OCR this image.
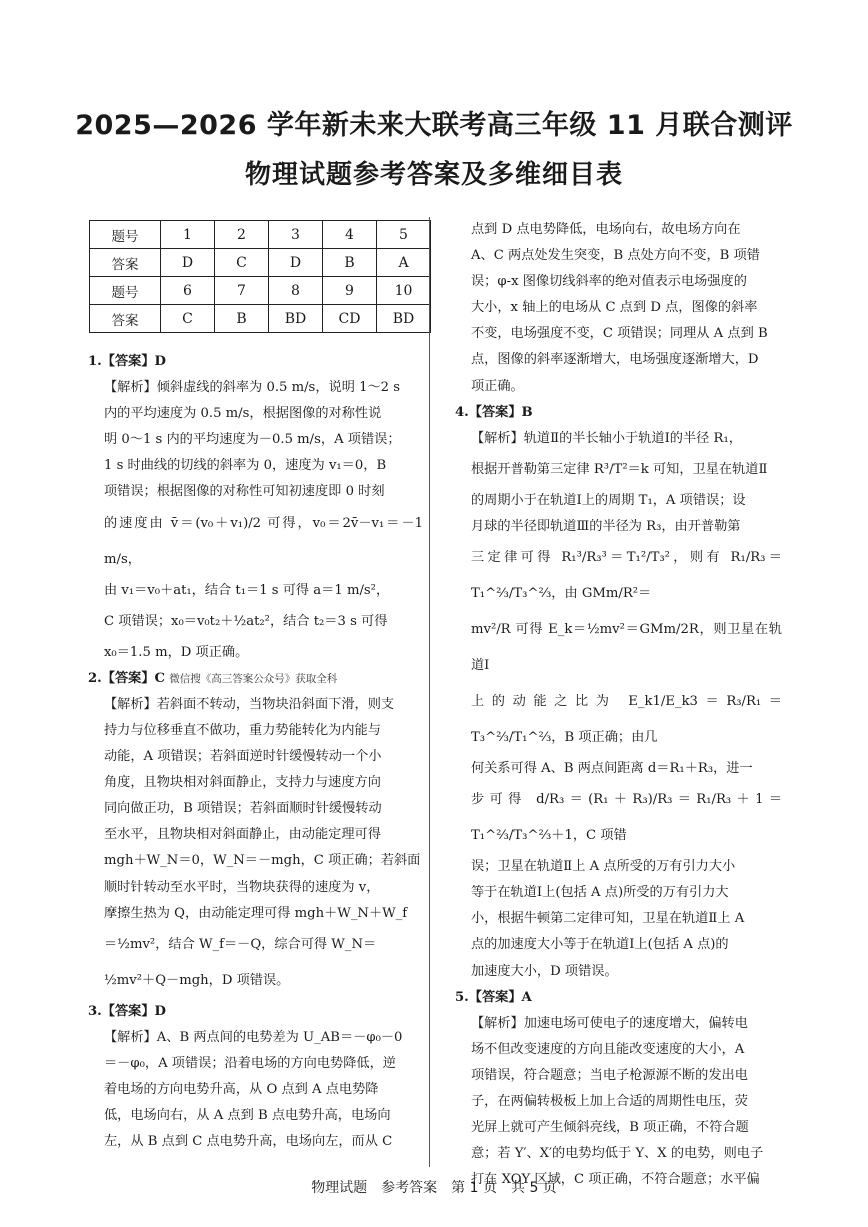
2025—2026 学年新未来大联考高三年级 11 月联合测评
物理试题参考答案及多维细目表
题号	1	2	3	4	5
答案	D	C	D	B	A
题号	6	7	8	9	10
答案	C	B	BD	CD	BD

1.【答案】D

【解析】倾斜虚线的斜率为 0.5 m/s，说明 1～2 s

内的平均速度为 0.5 m/s，根据图像的对称性说

明 0～1 s 内的平均速度为－0.5 m/s，A 项错误；

1 s 时曲线的切线的斜率为 0，速度为 v₁＝0，B

项错误；根据图像的对称性可知初速度即 0 时刻

的速度由 v̄＝(v₀＋v₁)/2 可得，v₀＝2v̄－v₁＝－1 m/s，

由 v₁＝v₀＋at₁，结合 t₁＝1 s 可得 a＝1 m/s²，

C 项错误；x₀＝v₀t₂＋½at₂²，结合 t₂＝3 s 可得

x₀＝1.5 m，D 项正确。

2.【答案】C 微信搜《高三答案公众号》获取全科

【解析】若斜面不转动，当物块沿斜面下滑，则支

持力与位移垂直不做功，重力势能转化为内能与

动能，A 项错误；若斜面逆时针缓慢转动一个小

角度，且物块相对斜面静止，支持力与速度方向

同向做正功，B 项错误；若斜面顺时针缓慢转动

至水平，且物块相对斜面静止，由动能定理可得

mgh＋W_N＝0，W_N＝－mgh，C 项正确；若斜面

顺时针转动至水平时，当物块获得的速度为 v，

摩擦生热为 Q，由动能定理可得 mgh＋W_N＋W_f

＝½mv²，结合 W_f＝－Q，综合可得 W_N＝

½mv²＋Q－mgh，D 项错误。

3.【答案】D

【解析】A、B 两点间的电势差为 U_AB＝－φ₀－0

＝－φ₀，A 项错误；沿着电场的方向电势降低，逆

着电场的方向电势升高，从 O 点到 A 点电势降

低，电场向右，从 A 点到 B 点电势升高，电场向

左，从 B 点到 C 点电势升高，电场向左，而从 C

点到 D 点电势降低，电场向右，故电场方向在

A、C 两点处发生突变，B 点处方向不变，B 项错

误；φ-x 图像切线斜率的绝对值表示电场强度的

大小，x 轴上的电场从 C 点到 D 点，图像的斜率

不变，电场强度不变，C 项错误；同理从 A 点到 B

点，图像的斜率逐渐增大，电场强度逐渐增大，D

项正确。

4.【答案】B

【解析】轨道Ⅱ的半长轴小于轨道Ⅰ的半径 R₁，

根据开普勒第三定律 R³/T²＝k 可知，卫星在轨道Ⅱ

的周期小于在轨道Ⅰ上的周期 T₁，A 项错误；设

月球的半径即轨道Ⅲ的半径为 R₃，由开普勒第

三定律可得 R₁³/R₃³＝T₁²/T₃²，则有 R₁/R₃＝T₁^⅔/T₃^⅔，由 GMm/R²＝

mv²/R 可得 E_k＝½mv²＝GMm/2R，则卫星在轨道Ⅰ

上的动能之比为 E_k1/E_k3＝R₃/R₁＝T₃^⅔/T₁^⅔，B 项正确；由几

何关系可得 A、B 两点间距离 d＝R₁＋R₃，进一

步可得 d/R₃＝(R₁＋R₃)/R₃＝R₁/R₃＋1＝T₁^⅔/T₃^⅔＋1，C 项错

误；卫星在轨道Ⅱ上 A 点所受的万有引力大小

等于在轨道Ⅰ上(包括 A 点)所受的万有引力大

小，根据牛顿第二定律可知，卫星在轨道Ⅱ上 A

点的加速度大小等于在轨道Ⅰ上(包括 A 点)的

加速度大小，D 项错误。

5.【答案】A

【解析】加速电场可使电子的速度增大，偏转电

场不但改变速度的方向且能改变速度的大小，A

项错误，符合题意；当电子枪源源不断的发出电

子，在两偏转极板上加上合适的周期性电压，荧

光屏上就可产生倾斜亮线，B 项正确，不符合题

意；若 Y′、X′的电势均低于 Y、X 的电势，则电子

打在 XOY 区域，C 项正确，不符合题意；水平偏

物理试题　参考答案　第 1 页　共 5 页
